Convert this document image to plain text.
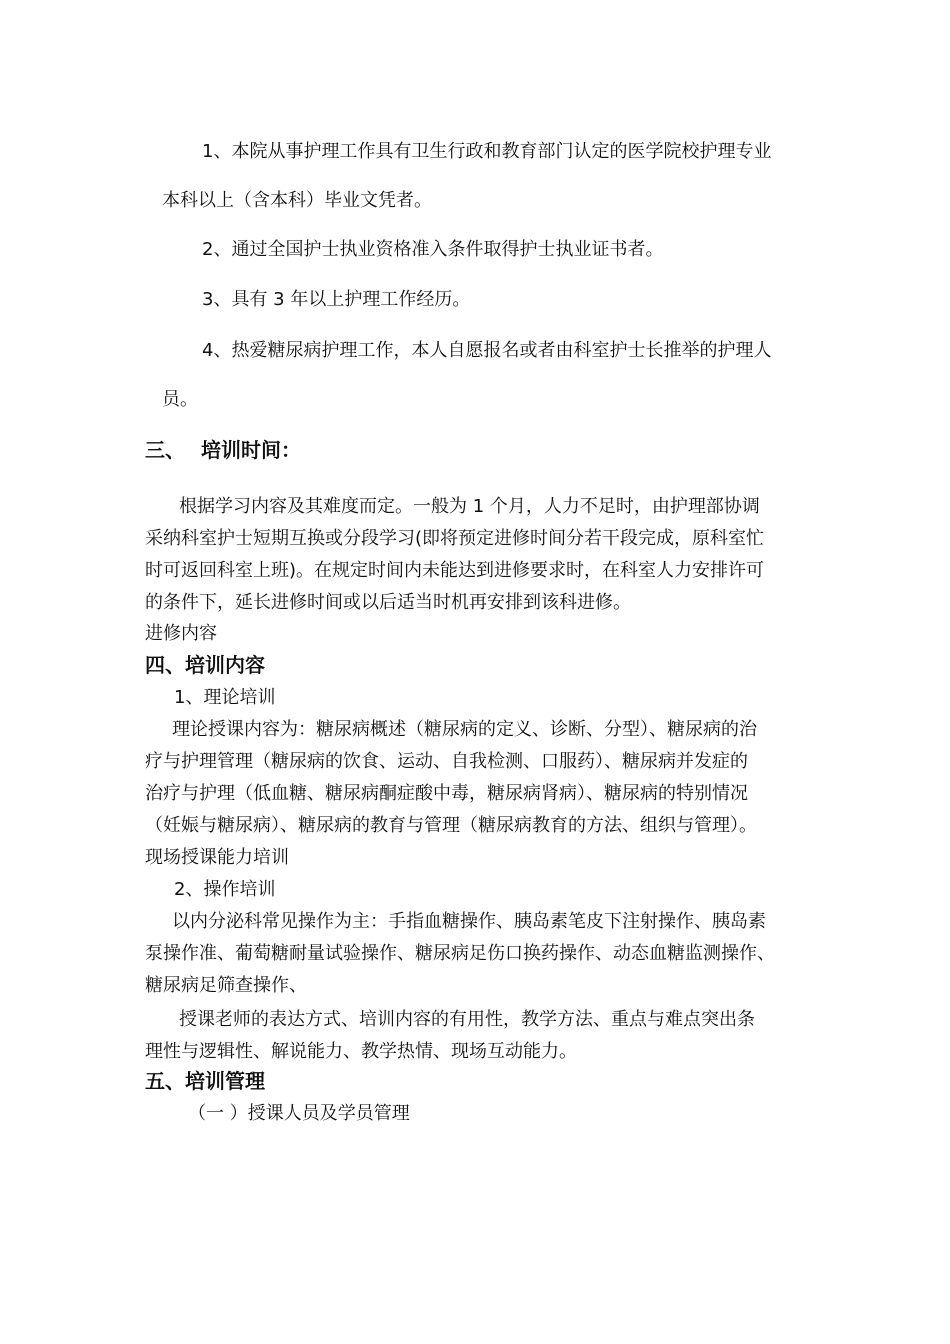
1、本院从事护理工作具有卫生行政和教育部门认定的医学院校护理专业

本科以上（含本科）毕业文凭者。

2、通过全国护士执业资格准入条件取得护士执业证书者。

3、具有 3 年以上护理工作经历。

4、热爱糖尿病护理工作，本人自愿报名或者由科室护士长推举的护理人

员。

三、 培训时间：

根据学习内容及其难度而定。一般为 1 个月，人力不足时，由护理部协调

采纳科室护士短期互换或分段学习(即将预定进修时间分若干段完成，原科室忙

时可返回科室上班)。在规定时间内未能达到进修要求时，在科室人力安排许可

的条件下，延长进修时间或以后适当时机再安排到该科进修。

进修内容

四、培训内容

1、理论培训

理论授课内容为：糖尿病概述（糖尿病的定义、诊断、分型）、糖尿病的治

疗与护理管理（糖尿病的饮食、运动、自我检测、口服药）、糖尿病并发症的

治疗与护理（低血糖、糖尿病酮症酸中毒，糖尿病肾病）、糖尿病的特别情况

（妊娠与糖尿病）、糖尿病的教育与管理（糖尿病教育的方法、组织与管理）。

现场授课能力培训

2、操作培训

以内分泌科常见操作为主：手指血糖操作、胰岛素笔皮下注射操作、胰岛素

泵操作准、葡萄糖耐量试验操作、糖尿病足伤口换药操作、动态血糖监测操作、

糖尿病足筛查操作、

授课老师的表达方式、培训内容的有用性，教学方法、重点与难点突出条

理性与逻辑性、解说能力、教学热情、现场互动能力。

五、培训管理

（一 ）授课人员及学员管理
